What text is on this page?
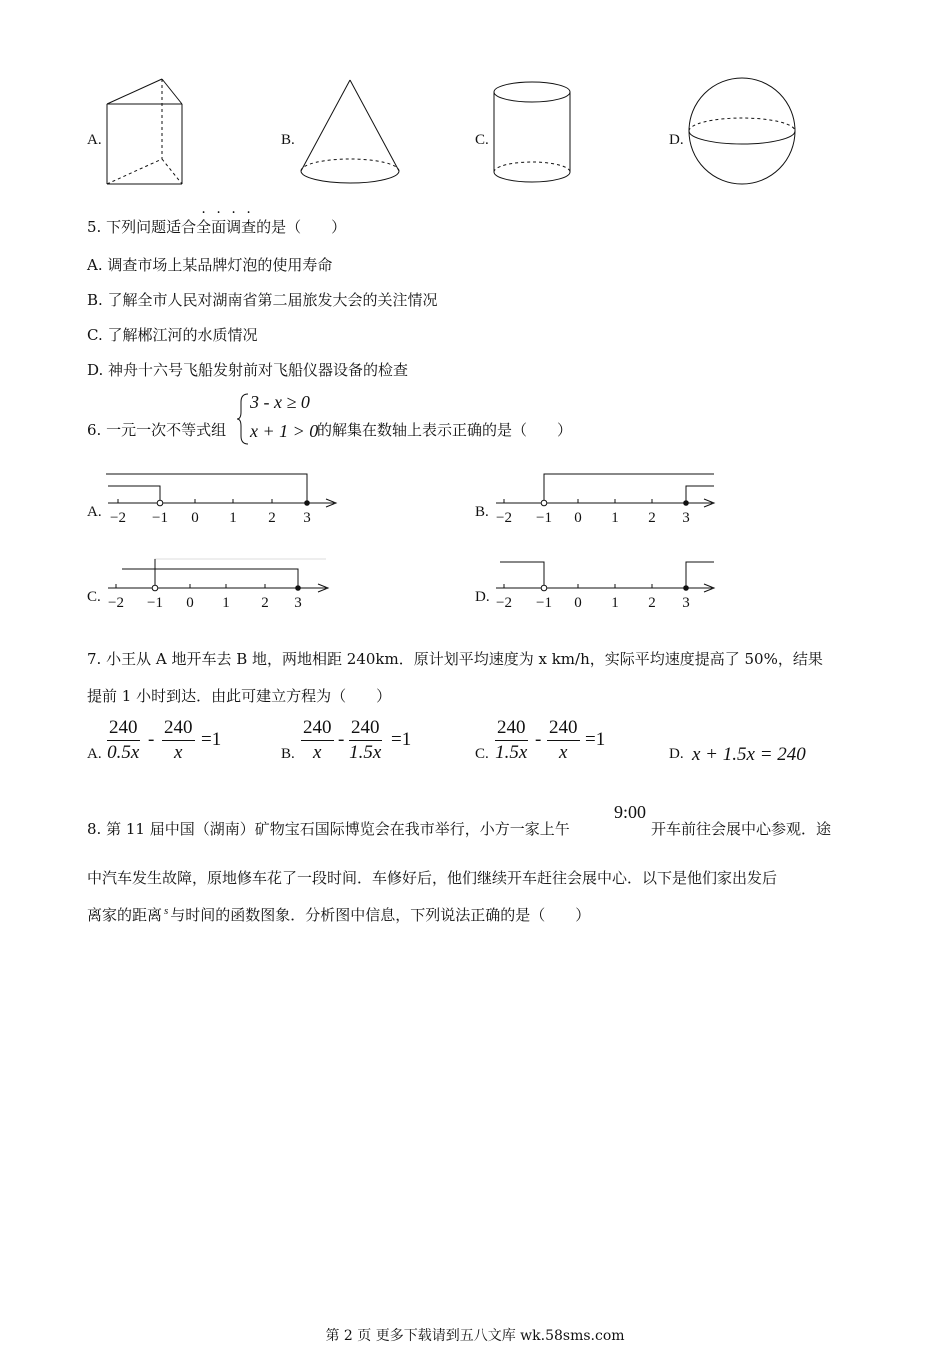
A.	B.	C.	D.
5. 下列问题适合全面调查的是（　　）
A. 调查市场上某品牌灯泡的使用寿命
B. 了解全市人民对湖南省第二届旅发大会的关注情况
C. 了解郴江河的水质情况
D. 神舟十六号飞船发射前对飞船仪器设备的检查
6. 一元一次不等式组
3 - x ≥ 0
x + 1 > 0
的解集在数轴上表示正确的是（　　）
A. −2 −1 0 1 2 3	B. −2 −1 0 1 2 3
C. −2 −1 0 1 2 3	D. −2 −1 0 1 2 3
7. 小王从 A 地开车去 B 地，两地相距 240km．原计划平均速度为 x km/h，实际平均速度提高了 50%，结果
提前 1 小时到达．由此可建立方程为（　　）
A. $\frac{240}{0.5x} - \frac{240}{x} =1$
B. $\frac{240}{x} - \frac{240}{1.5x} =1$
C. $\frac{240}{1.5x} - \frac{240}{x} =1$
D. x + 1.5x = 240
9:00
8. 第 11 届中国（湖南）矿物宝石国际博览会在我市举行，小方一家上午	开车前往会展中心参观．途
中汽车发生故障，原地修车花了一段时间．车修好后，他们继续开车赶往会展中心．以下是他们家出发后
离家的距离 $^s$ 与时间的函数图象．分析图中信息，下列说法正确的是（　　）
第 2 页 更多下载请到五八文库 wk.58sms.com
